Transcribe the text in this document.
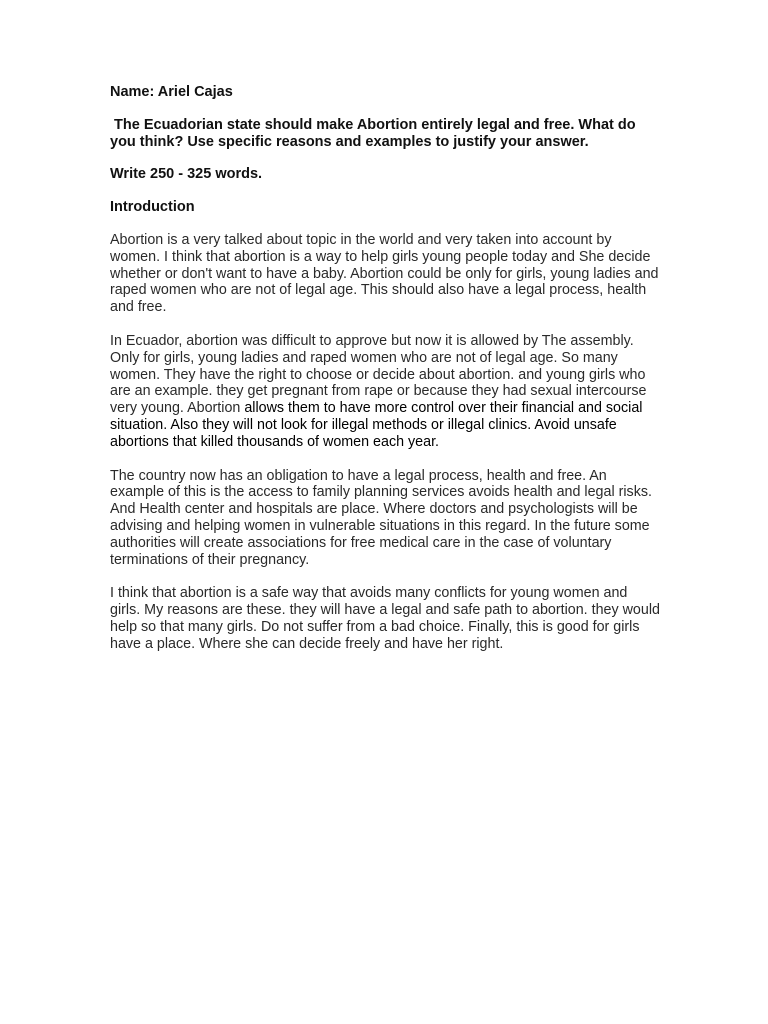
Name: Ariel Cajas
The Ecuadorian state should make Abortion entirely legal and free. What do you think? Use specific reasons and examples to justify your answer.
Write 250 - 325 words.
Introduction

Abortion is a very talked about topic in the world and very taken into account by women. I think that abortion is a way to help girls young people today and She decide whether or don't want to have a baby. Abortion could be only for girls, young ladies and raped women who are not of legal age. This should also have a legal process, health and free.

In Ecuador, abortion was difficult to approve but now it is allowed by The assembly. Only for girls, young ladies and raped women who are not of legal age. So many women. They have the right to choose or decide about abortion. and young girls who are an example. they get pregnant from rape or because they had sexual intercourse very young. Abortion allows them to have more control over their financial and social situation. Also they will not look for illegal methods or illegal clinics. Avoid unsafe abortions that killed thousands of women each year.

The country now has an obligation to have a legal process, health and free. An example of this is the access to family planning services avoids health and legal risks. And Health center and hospitals are place. Where doctors and psychologists will be advising and helping women in vulnerable situations in this regard. In the future some authorities will create associations for free medical care in the case of voluntary terminations of their pregnancy.

I think that abortion is a safe way that avoids many conflicts for young women and girls. My reasons are these. they will have a legal and safe path to abortion. they would help so that many girls. Do not suffer from a bad choice. Finally, this is good for girls have a place. Where she can decide freely and have her right.
